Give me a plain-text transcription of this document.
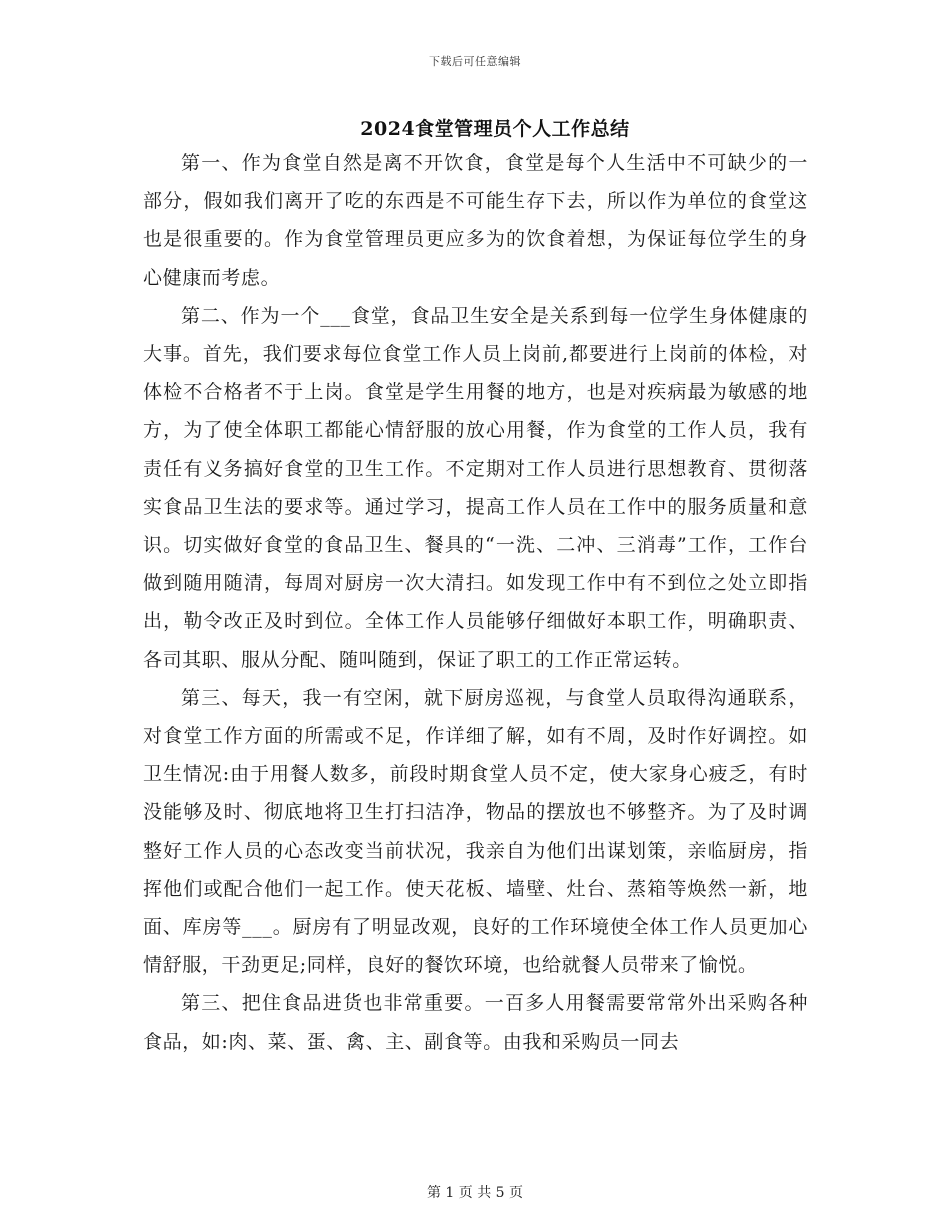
下载后可任意编辑
2024食堂管理员个人工作总结

第一、作为食堂自然是离不开饮食，食堂是每个人生活中不可缺少的一部分，假如我们离开了吃的东西是不可能生存下去，所以作为单位的食堂这也是很重要的。作为食堂管理员更应多为的饮食着想，为保证每位学生的身心健康而考虑。

第二、作为一个___食堂，食品卫生安全是关系到每一位学生身体健康的大事。首先，我们要求每位食堂工作人员上岗前,都要进行上岗前的体检，对体检不合格者不于上岗。食堂是学生用餐的地方，也是对疾病最为敏感的地方，为了使全体职工都能心情舒服的放心用餐，作为食堂的工作人员，我有责任有义务搞好食堂的卫生工作。不定期对工作人员进行思想教育、贯彻落实食品卫生法的要求等。通过学习，提高工作人员在工作中的服务质量和意识。切实做好食堂的食品卫生、餐具的“一洗、二冲、三消毒”工作，工作台做到随用随清，每周对厨房一次大清扫。如发现工作中有不到位之处立即指出，勒令改正及时到位。全体工作人员能够仔细做好本职工作，明确职责、各司其职、服从分配、随叫随到，保证了职工的工作正常运转。

第三、每天，我一有空闲，就下厨房巡视，与食堂人员取得沟通联系，对食堂工作方面的所需或不足，作详细了解，如有不周，及时作好调控。如卫生情况:由于用餐人数多，前段时期食堂人员不定，使大家身心疲乏，有时没能够及时、彻底地将卫生打扫洁净，物品的摆放也不够整齐。为了及时调整好工作人员的心态改变当前状况，我亲自为他们出谋划策，亲临厨房，指挥他们或配合他们一起工作。使天花板、墙壁、灶台、蒸箱等焕然一新，地面、库房等___。厨房有了明显改观，良好的工作环境使全体工作人员更加心情舒服，干劲更足;同样，良好的餐饮环境，也给就餐人员带来了愉悦。

第三、把住食品进货也非常重要。一百多人用餐需要常常外出采购各种食品，如:肉、菜、蛋、禽、主、副食等。由我和采购员一同去

第 1 页 共 5 页
